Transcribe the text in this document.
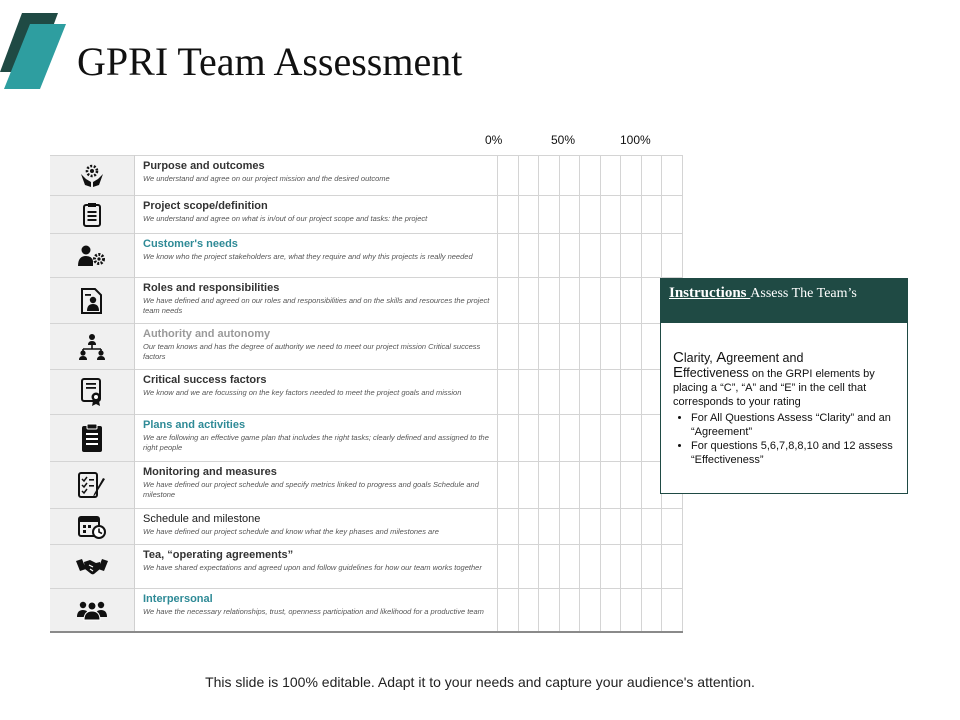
GPRI Team Assessment
0%	50%	100%

Purpose and outcomes
We understand and agree on our project mission and the desired outcome									

Project scope/definition
We understand and agree on what is in/out of our project scope and tasks: the project									

Customer's needs
We know who the project stakeholders are, what they require and why this projects is really needed									

Roles and responsibilities
We have defined and agreed on our roles and responsibilities and on the skills and resources the project team needs									

Authority and autonomy
Our team knows and has the degree of authority we need to meet our project mission Critical success factors									

Critical success factors
We know and we are focussing on the key factors needed to meet the project goals and mission									

Plans and activities
We are following an effective game plan that includes the right tasks; clearly defined and assigned to the right people									

Monitoring and measures
We have defined our project schedule and specify metrics linked to progress and goals Schedule and milestone									

Schedule and milestone
We have defined our project schedule and know what the key phases and milestones are									

Tea, “operating agreements”
We have shared expectations and agreed upon and follow guidelines for how our team works together									

Interpersonal
We have the necessary relationships, trust, openness participation and likelihood for a productive team									

Instructions Assess The Team’s
Clarity, Agreement and
Effectiveness on the GRPI elements by placing a “C”, “A” and “E” in the cell that corresponds to your rating
• For All Questions Assess “Clarity” and an “Agreement”
• For questions 5,6,7,8,8,10 and 12 assess “Effectiveness”
This slide is 100% editable. Adapt it to your needs and capture your audience's attention.
